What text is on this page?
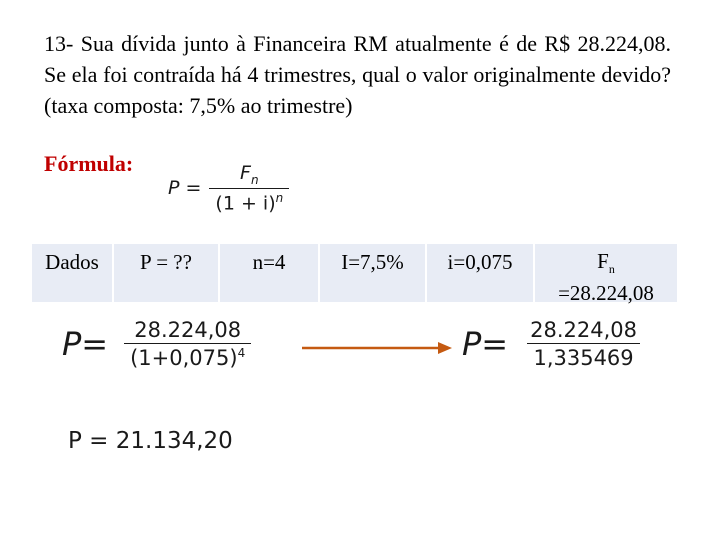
13- Sua dívida junto à Financeira RM atualmente é de R$ 28.224,08. Se ela foi contraída há 4 trimestres, qual o valor originalmente devido? (taxa composta: 7,5% ao trimestre)
Fórmula:
$P = \frac{F_n}{(1 + i)^n}$
Dados	P = ??	n=4	I=7,5%	i=0,075	$F_n$
=28.224,08
$P= \frac{28.224,08}{(1+0,075)^4}$	$P= \frac{28.224,08}{1,335469}$
P = 21.134,20
